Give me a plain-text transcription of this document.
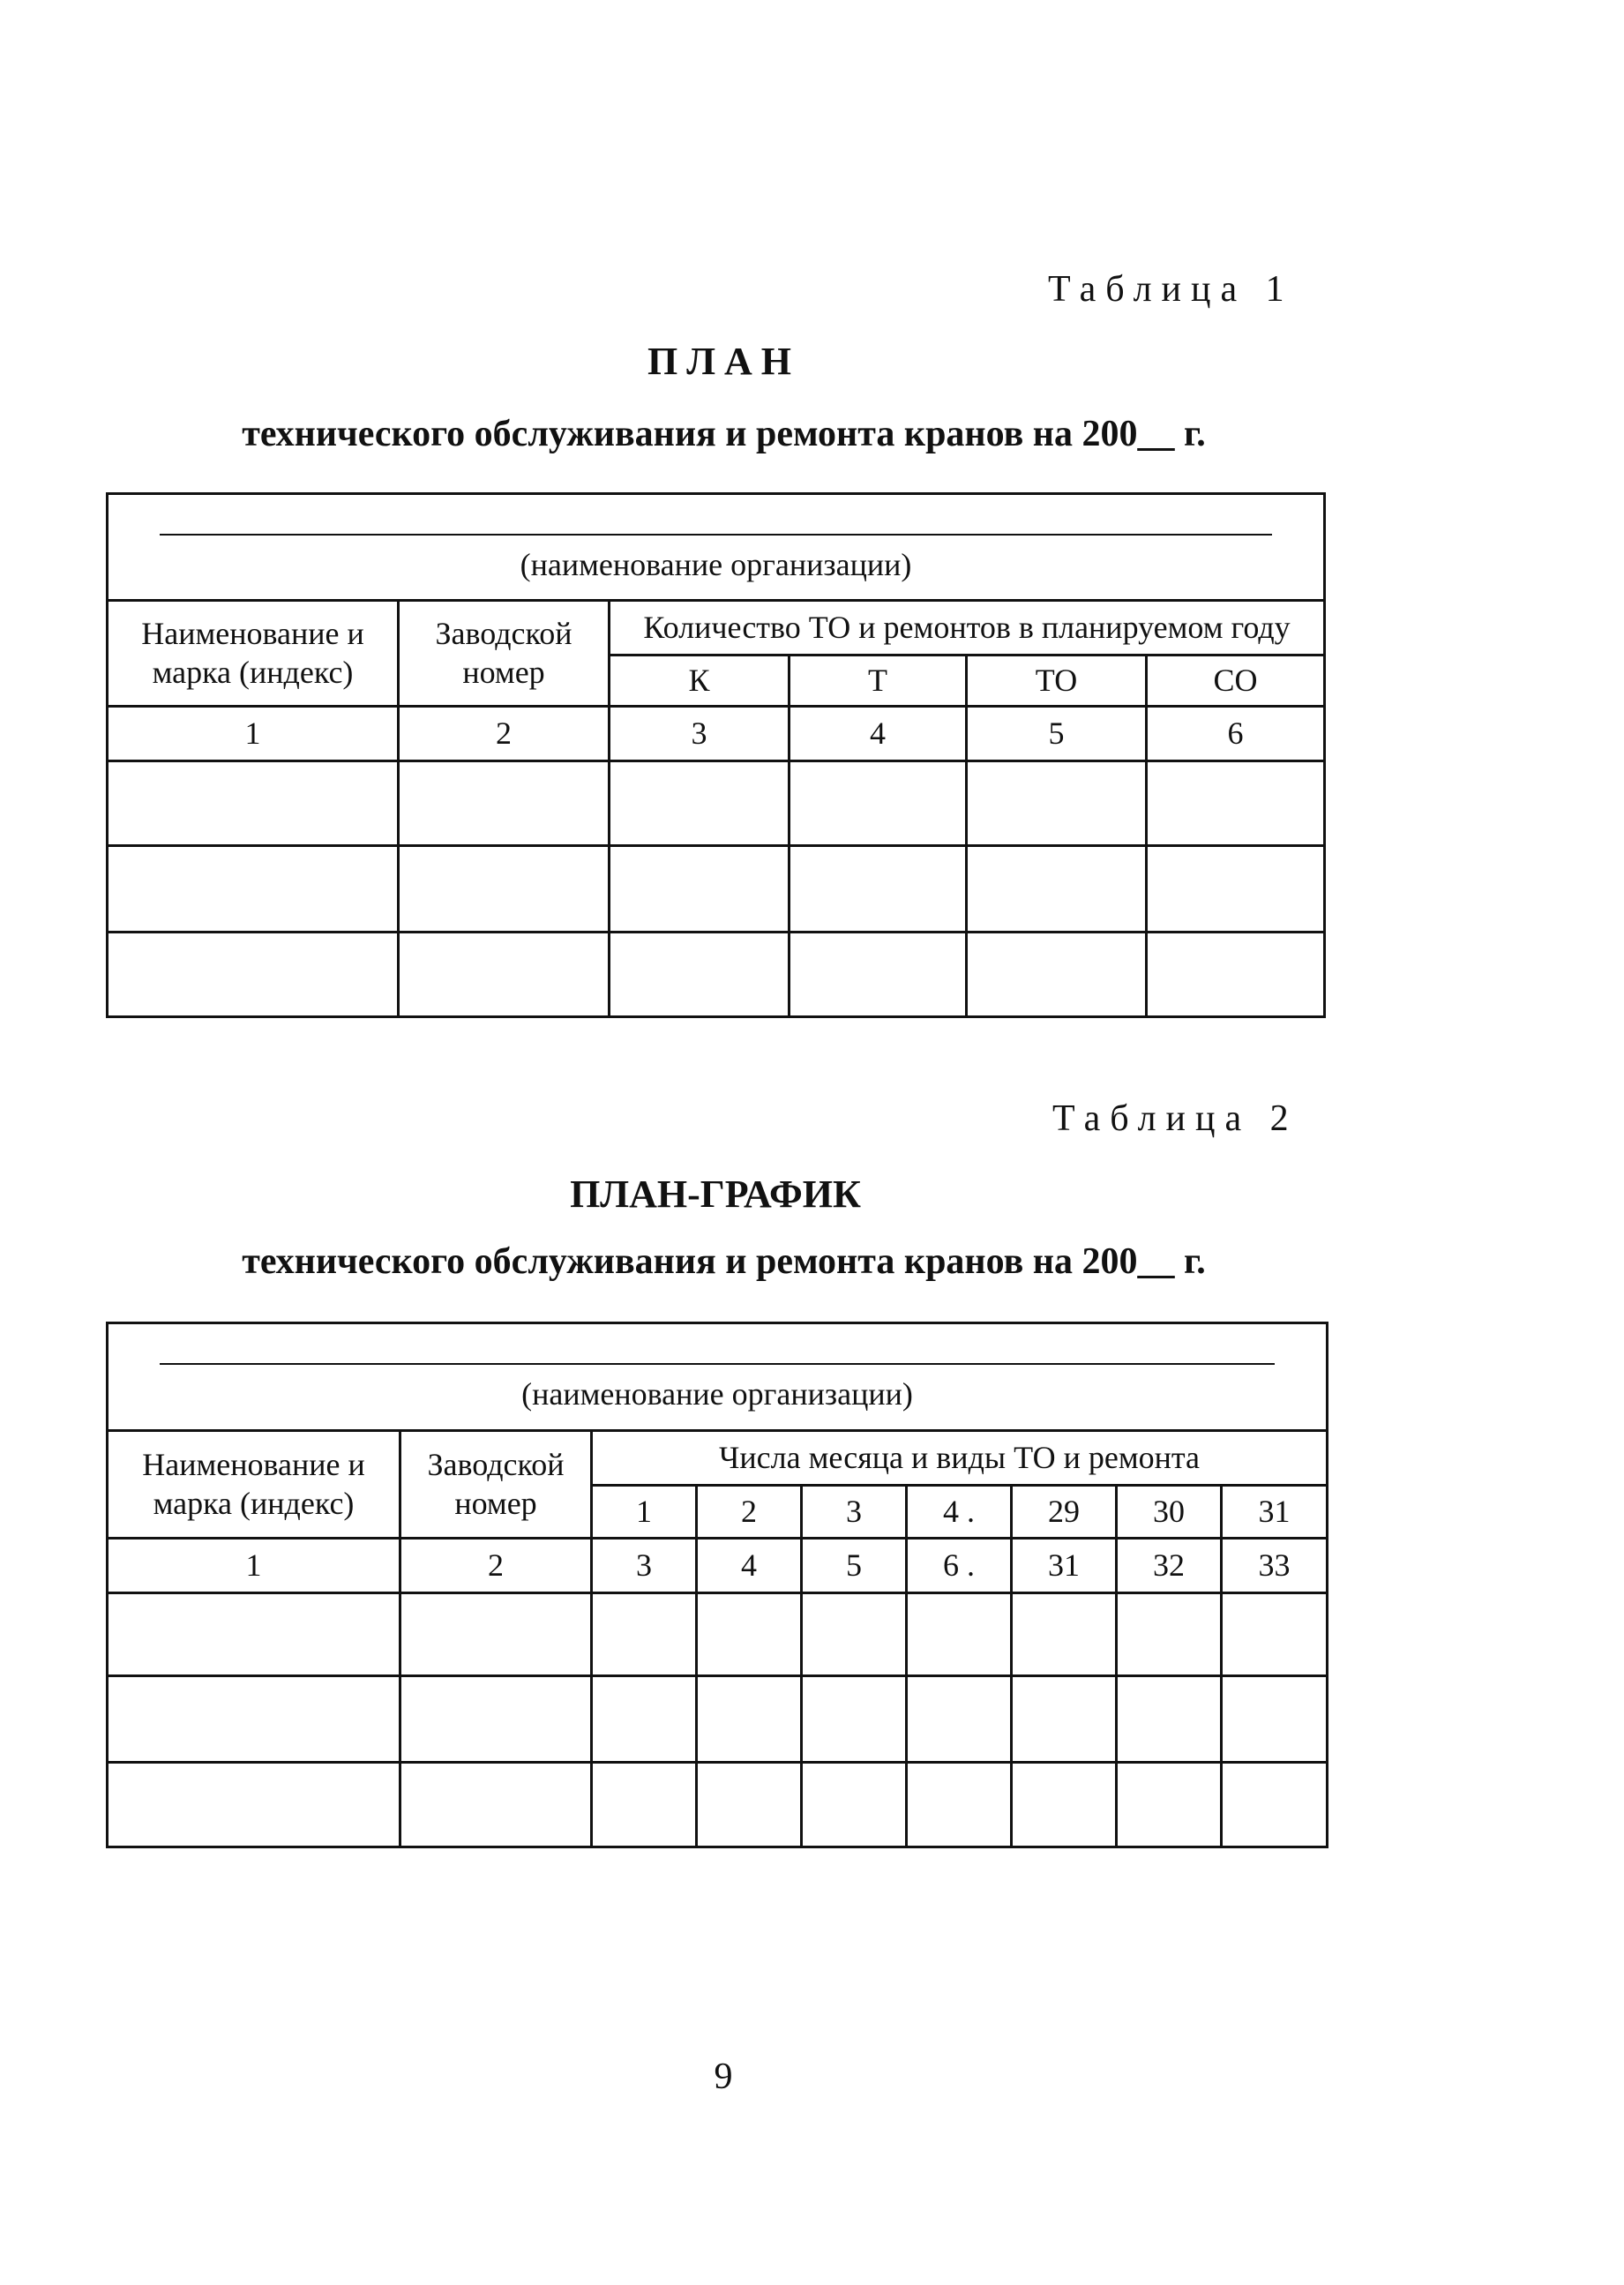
Таблица 1
ПЛАН
технического обслуживания и ремонта кранов на 200__ г.
(наименование организации)					

Наименование и марка (индекс)	Заводской номер	Количество ТО и ремонтов в планируемом году			
		К	Т	ТО	СО
1	2	3	4	5	6

Таблица 2
ПЛАН-ГРАФИК
технического обслуживания и ремонта кранов на 200__ г.
(наименование организации)								

Наименование и марка (индекс)	Заводской номер	Числа месяца и виды ТО и ремонта						
		1	2	3	4 .	29	30	31
1	2	3	4	5	6 .	31	32	33

9
